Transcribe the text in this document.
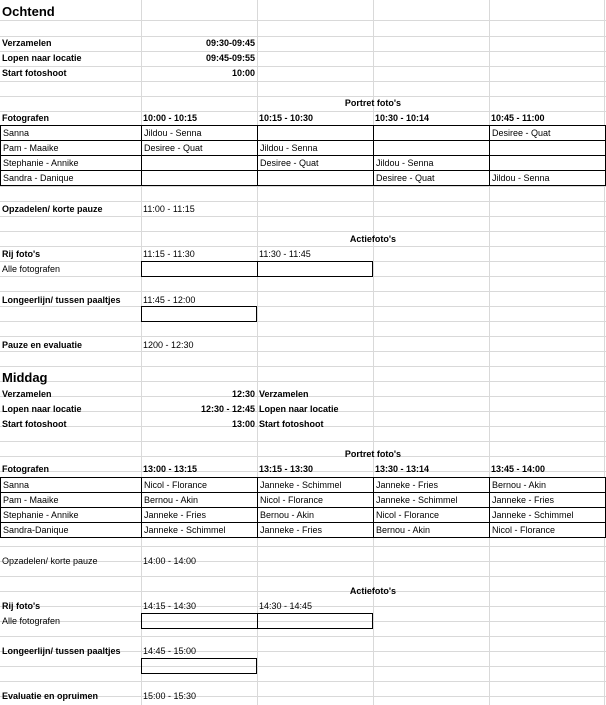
Ochtend
Verzamelen	09:30-09:45
Lopen naar locatie	09:45-09:55
Start fotoshoot	10:00
Portret foto's
Fotografen	10:00 - 10:15	10:15 - 10:30	10:30 - 10:14	10:45 - 11:00
Sanna	Jildou - Senna			Desiree - Quat
Pam - Maaike	Desiree - Quat	Jildou - Senna		
Stephanie - Annike		Desiree - Quat	Jildou - Senna	
Sandra - Danique			Desiree - Quat	Jildou - Senna
Opzadelen/ korte pauze	11:00 - 11:15
Actiefoto's
Rij foto's	11:15 - 11:30	11:30 - 11:45
Alle fotografen
Longeerlijn/ tussen paaltjes	11:45 - 12:00
Pauze en evaluatie	1200 - 12:30
Middag
Verzamelen	12:30 Verzamelen
Lopen naar locatie	12:30 - 12:45 Lopen naar locatie
Start fotoshoot	13:00 Start fotoshoot
Portret foto's
Fotografen	13:00 - 13:15	13:15 - 13:30	13:30 - 13:14	13:45 - 14:00
Sanna	Nicol - Florance	Janneke - Schimmel	Janneke - Fries	Bernou - Akin
Pam - Maaike	Bernou - Akin	Nicol - Florance	Janneke - Schimmel	Janneke - Fries
Stephanie - Annike	Janneke - Fries	Bernou - Akin	Nicol - Florance	Janneke - Schimmel
Sandra-Danique	Janneke - Schimmel	Janneke - Fries	Bernou - Akin	Nicol - Florance
Opzadelen/ korte pauze	14:00 - 14:00
Actiefoto's
Rij foto's	14:15 - 14:30	14:30 - 14:45
Alle fotografen
Longeerlijn/ tussen paaltjes	14:45 - 15:00
Evaluatie en opruimen	15:00 - 15:30
